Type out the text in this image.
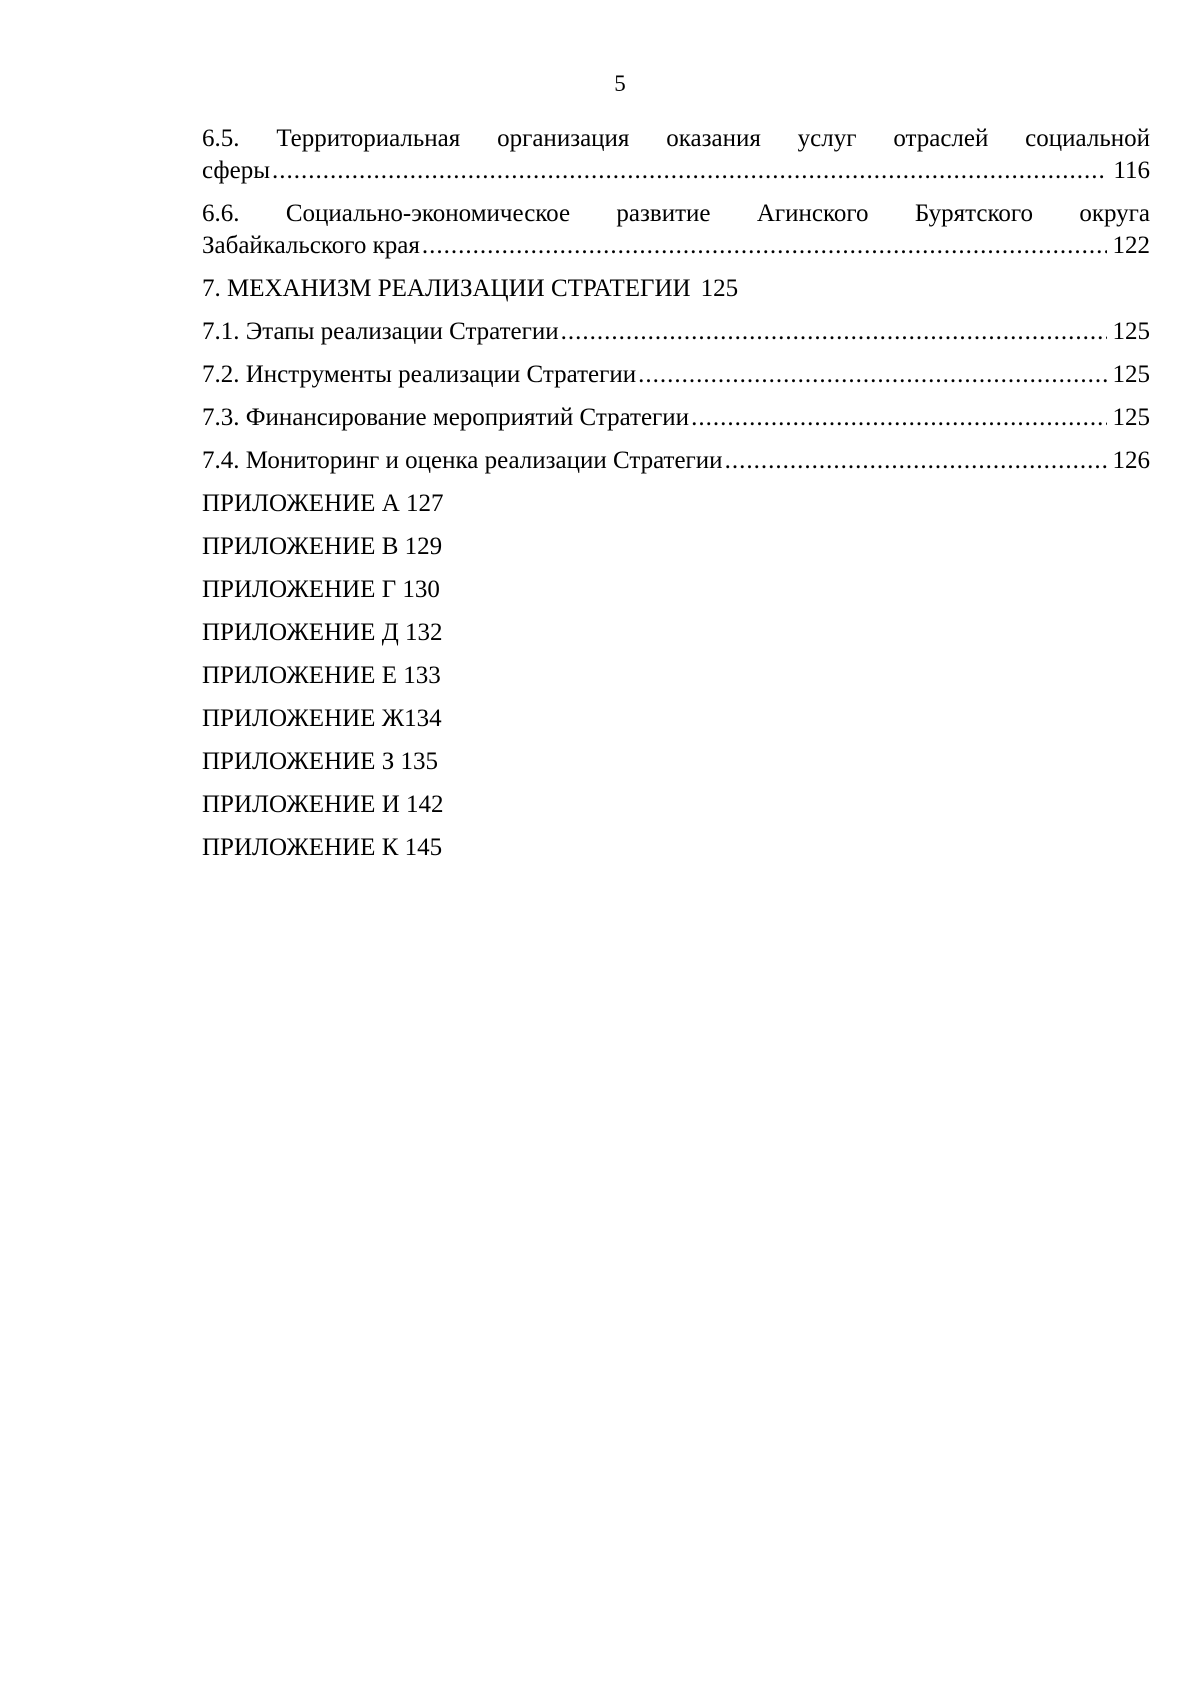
5
6.5. Территориальная организация оказания услуг отраслей социальной
сферы .....	116
6.6. Социально-экономическое развитие Агинского Бурятского округа
Забайкальского края .....	122
7. МЕХАНИЗМ РЕАЛИЗАЦИИ СТРАТЕГИИ 125
7.1. Этапы реализации Стратегии .....	125
7.2. Инструменты реализации Стратегии .....	125
7.3. Финансирование мероприятий Стратегии .....	125
7.4. Мониторинг и оценка реализации Стратегии .....	126
ПРИЛОЖЕНИЕ А 127
ПРИЛОЖЕНИЕ В 129
ПРИЛОЖЕНИЕ Г 130
ПРИЛОЖЕНИЕ Д 132
ПРИЛОЖЕНИЕ Е 133
ПРИЛОЖЕНИЕ Ж134
ПРИЛОЖЕНИЕ З 135
ПРИЛОЖЕНИЕ И 142
ПРИЛОЖЕНИЕ К 145
